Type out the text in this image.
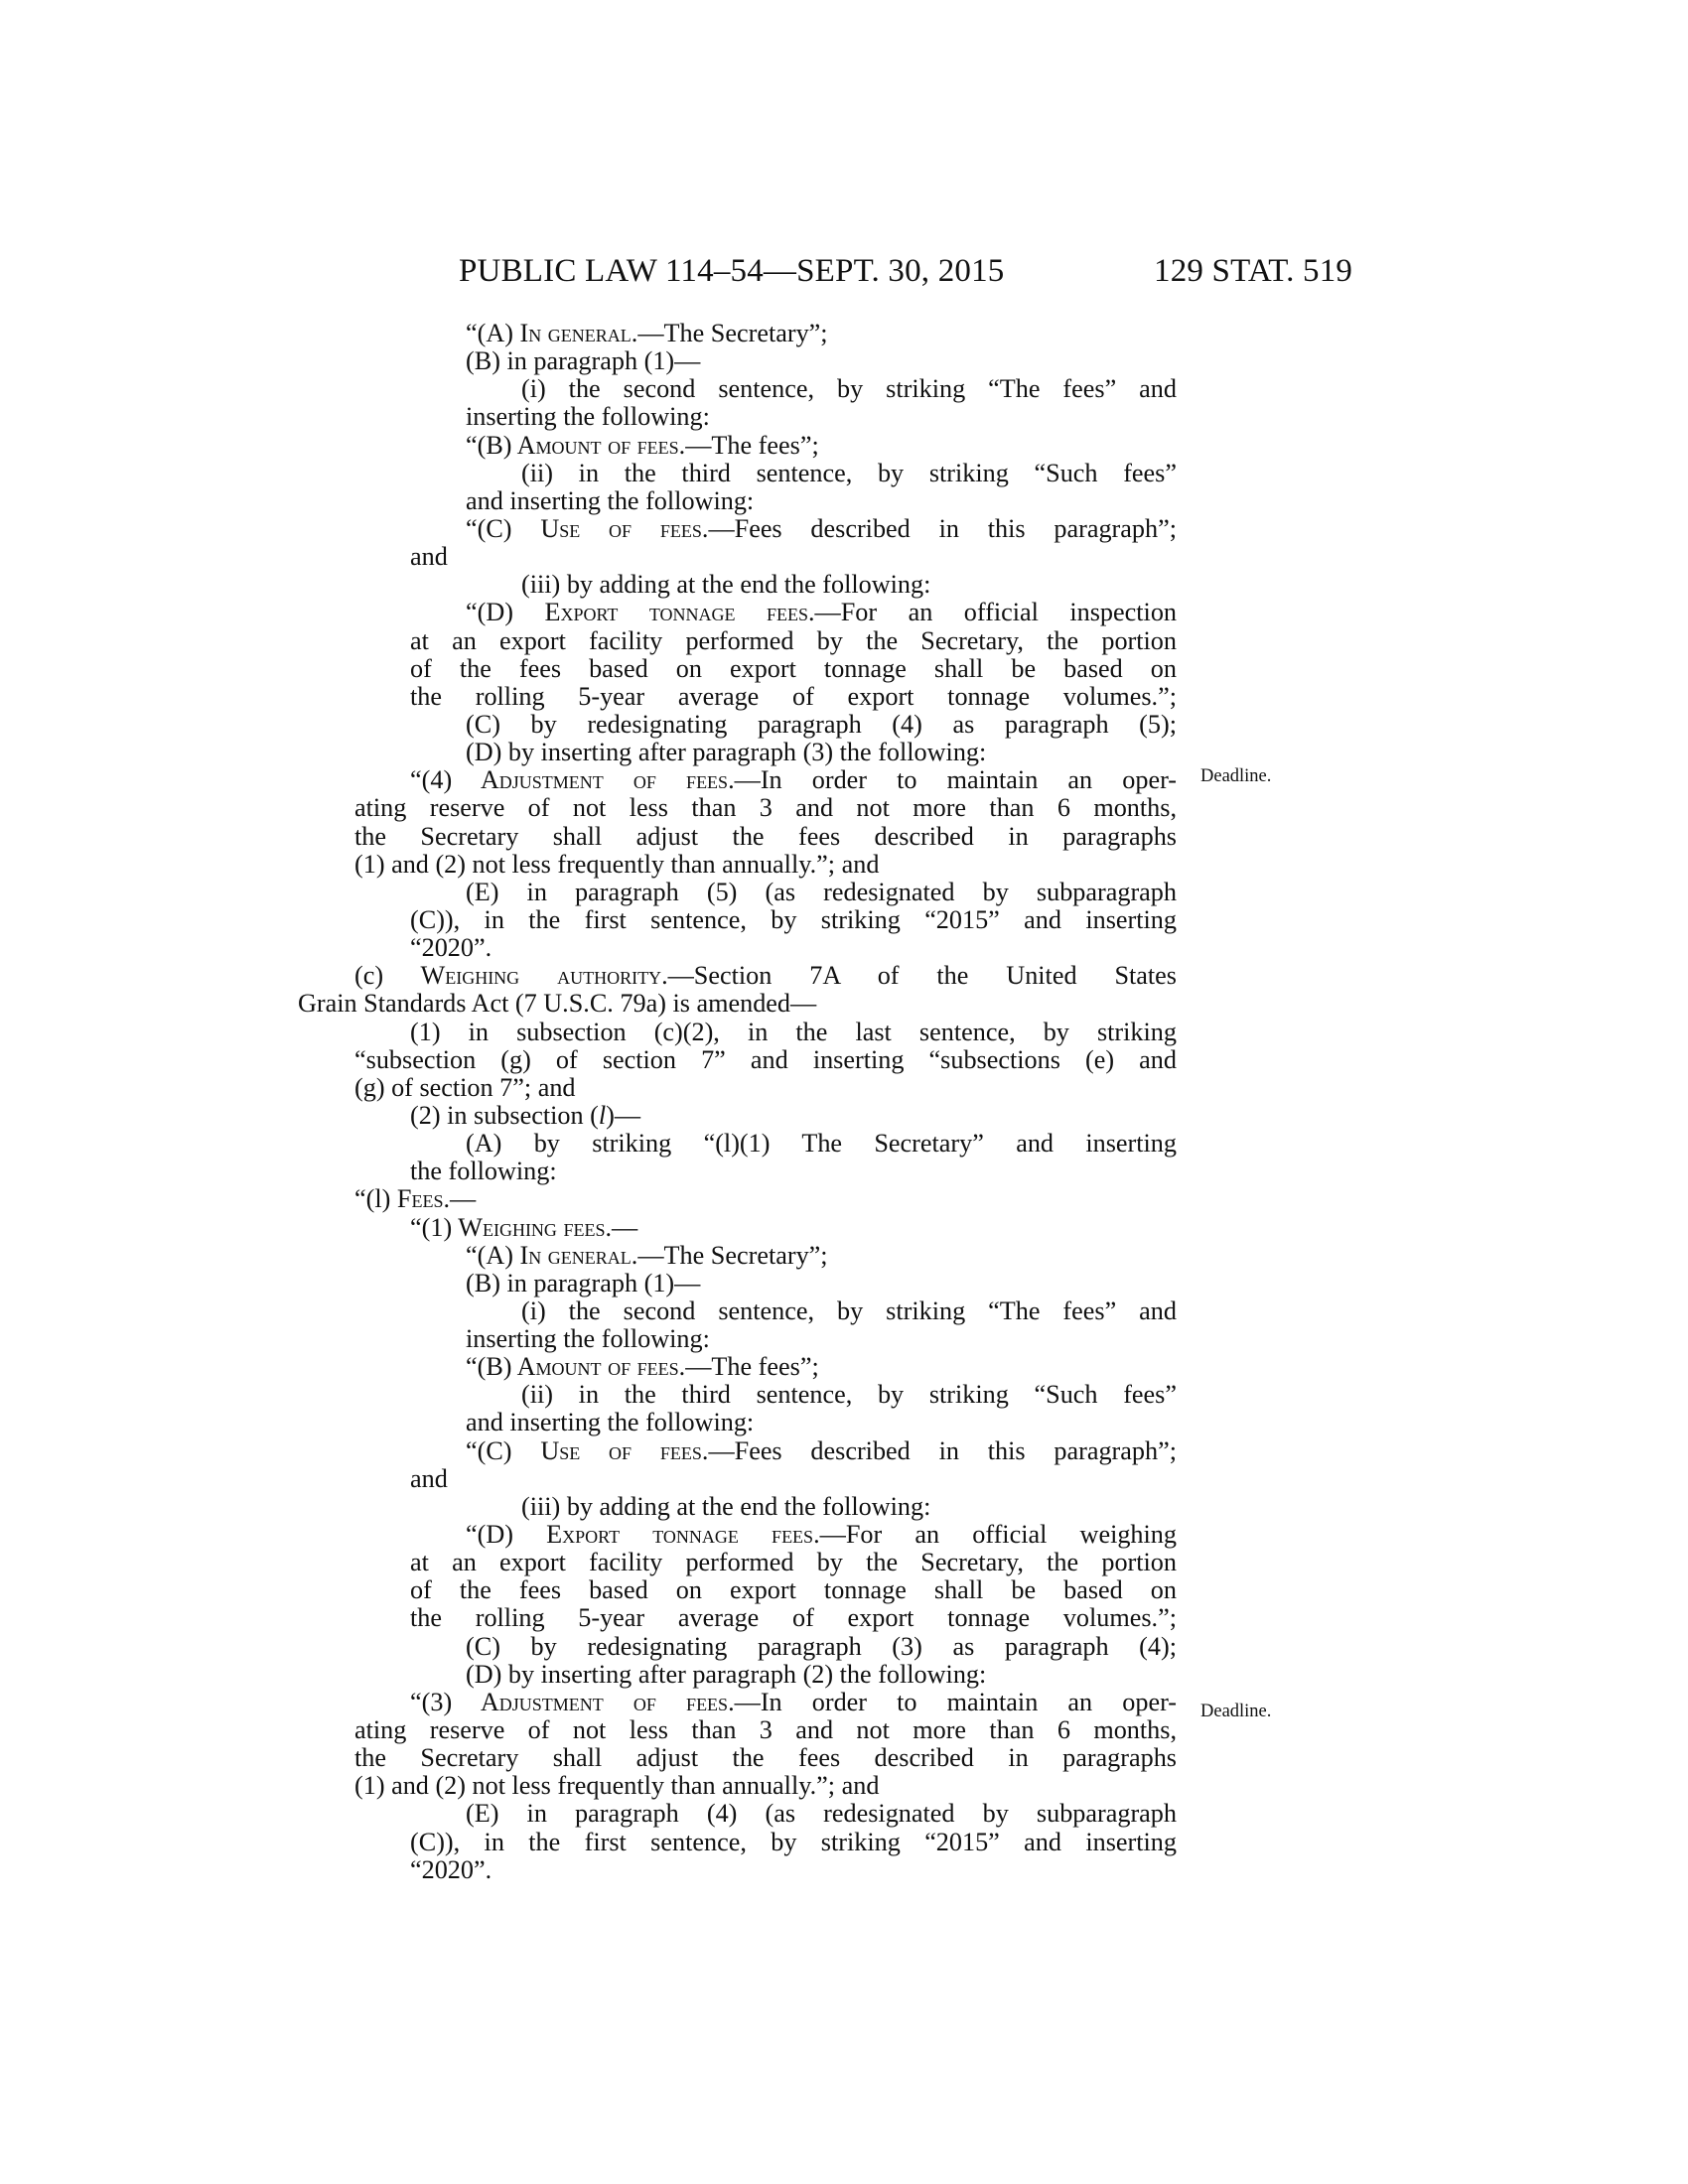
PUBLIC LAW 114–54—SEPT. 30, 2015	129 STAT. 519
Deadline.
Deadline.
“(A) In general.—The Secretary”;
(B) in paragraph (1)—
(i) the second sentence, by striking “The fees” and
inserting the following:
“(B) Amount of fees.—The fees”;
(ii) in the third sentence, by striking “Such fees”
and inserting the following:
“(C) Use of fees.—Fees described in this paragraph”;
and
(iii) by adding at the end the following:
“(D) Export tonnage fees.—For an official inspection
at an export facility performed by the Secretary, the portion
of the fees based on export tonnage shall be based on
the rolling 5-year average of export tonnage volumes.”;
(C) by redesignating paragraph (4) as paragraph (5);
(D) by inserting after paragraph (3) the following:
“(4) Adjustment of fees.—In order to maintain an oper-
ating reserve of not less than 3 and not more than 6 months,
the Secretary shall adjust the fees described in paragraphs
(1) and (2) not less frequently than annually.”; and
(E) in paragraph (5) (as redesignated by subparagraph
(C)), in the first sentence, by striking “2015” and inserting
“2020”.
(c) Weighing authority.—Section 7A of the United States
Grain Standards Act (7 U.S.C. 79a) is amended—
(1) in subsection (c)(2), in the last sentence, by striking
“subsection (g) of section 7” and inserting “subsections (e) and
(g) of section 7”; and
(2) in subsection (l)—
(A) by striking “(l)(1) The Secretary” and inserting
the following:
“(l) Fees.—
“(1) Weighing fees.—
“(A) In general.—The Secretary”;
(B) in paragraph (1)—
(i) the second sentence, by striking “The fees” and
inserting the following:
“(B) Amount of fees.—The fees”;
(ii) in the third sentence, by striking “Such fees”
and inserting the following:
“(C) Use of fees.—Fees described in this paragraph”;
and
(iii) by adding at the end the following:
“(D) Export tonnage fees.—For an official weighing
at an export facility performed by the Secretary, the portion
of the fees based on export tonnage shall be based on
the rolling 5-year average of export tonnage volumes.”;
(C) by redesignating paragraph (3) as paragraph (4);
(D) by inserting after paragraph (2) the following:
“(3) Adjustment of fees.—In order to maintain an oper-
ating reserve of not less than 3 and not more than 6 months,
the Secretary shall adjust the fees described in paragraphs
(1) and (2) not less frequently than annually.”; and
(E) in paragraph (4) (as redesignated by subparagraph
(C)), in the first sentence, by striking “2015” and inserting
“2020”.
